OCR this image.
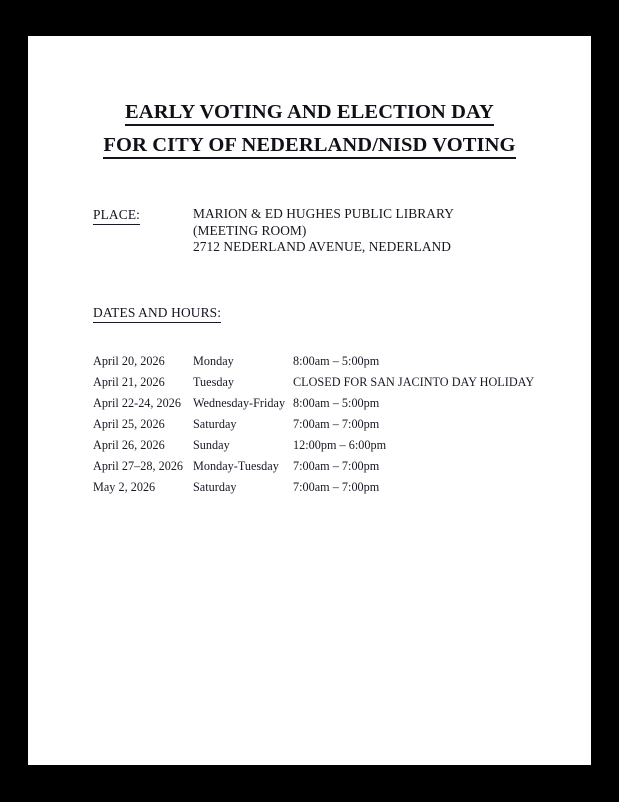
EARLY VOTING AND ELECTION DAY
FOR CITY OF NEDERLAND/NISD VOTING
PLACE:	MARION & ED HUGHES PUBLIC LIBRARY
(MEETING ROOM)
2712 NEDERLAND AVENUE, NEDERLAND
DATES AND HOURS:
April 20, 2026	Monday	8:00am – 5:00pm
April 21, 2026	Tuesday	CLOSED FOR SAN JACINTO DAY HOLIDAY
April 22-24, 2026	Wednesday-Friday	8:00am – 5:00pm
April 25, 2026	Saturday	7:00am – 7:00pm
April 26, 2026	Sunday	12:00pm – 6:00pm
April 27–28, 2026	Monday-Tuesday	7:00am – 7:00pm
May 2, 2026	Saturday	7:00am – 7:00pm
